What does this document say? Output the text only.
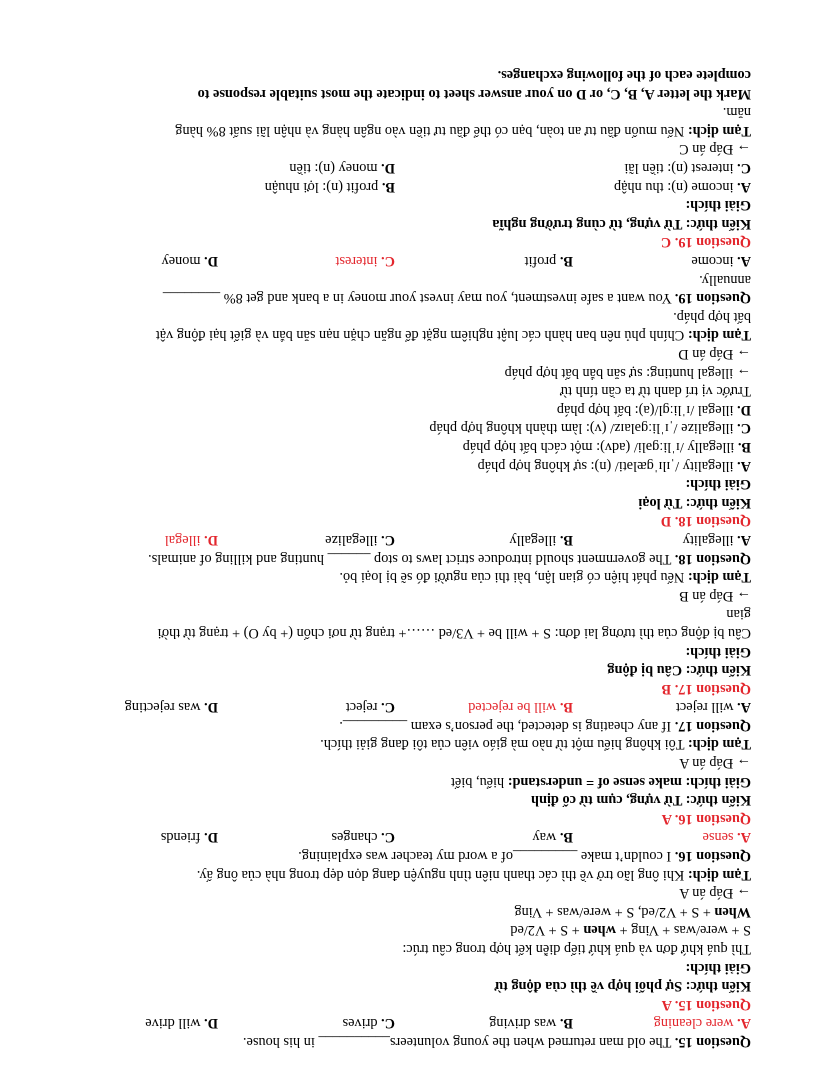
Question 15. The old man returned when the young volunteers__________ in his house.
A. were cleaning
B. was driving
C. drives
D. will drive
Question 15. A
Kiến thức: Sự phối hợp về thì của động từ
Giải thích:
Thì quá khứ đơn và quá khứ tiếp diễn kết hợp trong câu trúc:
S + were/was + Ving + when + S + V2/ed
When + S + V2/ed, S + were/was + Ving
→ Đáp án A
Tạm dịch: Khi ông lão trở về thì các thanh niên tình nguyện đang dọn dẹp trong nhà của ông ấy.
Question 16. I couldn’t make _________of a word my teacher was explaining.
A. sense
B. way
C. changes
D. friends
Question 16. A
Kiến thức: Từ vựng, cụm từ cố định
Giải thích: make sense of = understand: hiểu, biết
→ Đáp án A
Tạm dịch: Tôi không hiểu một từ nào mà giáo viên của tôi đang giải thích.
Question 17. If any cheating is detected, the person’s exam _________.
A. will reject
B. will be rejected
C. reject
D. was rejecting
Question 17. B
Kiến thức: Câu bị động
Giải thích:
Câu bị động của thì tương lai đơn: S + will be + V3/ed ……+ trạng từ nơi chốn (+ by O) + trạng từ thời
gian
→ Đáp án B
Tạm dịch: Nếu phát hiện có gian lận, bài thi của người đó sẽ bị loại bỏ.
Question 18. The government should introduce strict laws to stop ______ hunting and killing of animals.
A. illegality
B. illegally
C. illegalize
D. illegal
Question 18. D
Kiến thức: Từ loại
Giải thích:
A. illegality /ˌɪlɪˈɡæləti/ (n): sự không hợp pháp
B. illegally /ɪˈliːɡəli/ (adv): một cách bất hợp pháp
C. illegalize /ˌɪˈliːɡəlaɪz/ (v): làm thành không hợp pháp
D. illegal /ɪˈliːɡl/(a): bất hợp pháp
Trước vị trí danh từ ta cần tính từ
→ illegal hunting: sự săn bắn bất hợp pháp
→ Đáp án D
Tạm dịch: Chính phủ nên ban hành các luật nghiêm ngặt để ngăn chặn nạn săn bắn và giết hại động vật
bất hợp pháp.
Question 19. You want a safe investment, you may invest your money in a bank and get 8% ________
annually.
A. income
B. profit
C. interest
D. money
Question 19. C
Kiến thức: Từ vựng, từ cùng trường nghĩa
Giải thích:
A. income (n): thu nhập
B. profit (n): lợi nhuận
C. interest (n): tiền lãi
D. money (n): tiền
→ Đáp án C
Tạm dịch: Nếu muốn đầu tư an toàn, bạn có thể đầu tư tiền vào ngân hàng và nhận lãi suất 8% hàng
năm.
Mark the letter A, B, C, or D on your answer sheet to indicate the most suitable response to
complete each of the following exchanges.
